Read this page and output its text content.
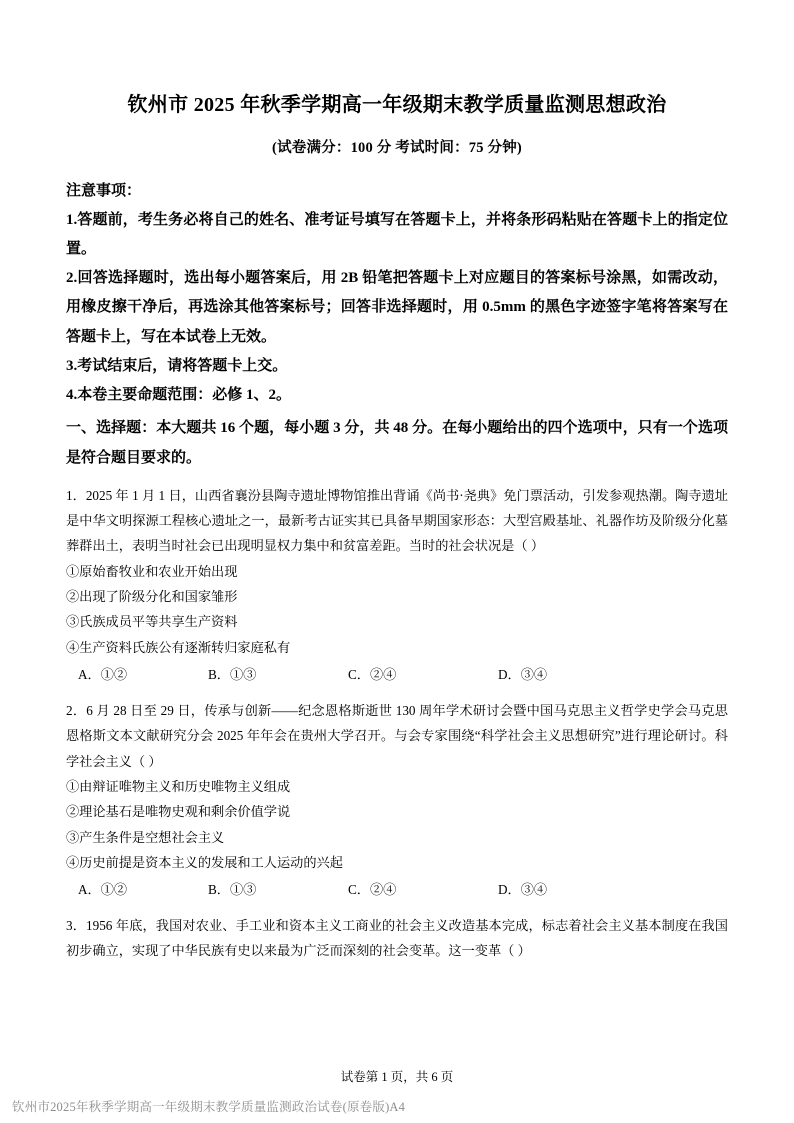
钦州市 2025 年秋季学期高一年级期末教学质量监测思想政治
(试卷满分：100 分 考试时间：75 分钟)
注意事项：

1.答题前，考生务必将自己的姓名、准考证号填写在答题卡上，并将条形码粘贴在答题卡上的指定位置。

2.回答选择题时，选出每小题答案后，用 2B 铅笔把答题卡上对应题目的答案标号涂黑，如需改动，用橡皮擦干净后，再选涂其他答案标号；回答非选择题时，用 0.5mm 的黑色字迹签字笔将答案写在答题卡上，写在本试卷上无效。

3.考试结束后，请将答题卡上交。

4.本卷主要命题范围：必修 1、2。

一、选择题：本大题共 16 个题，每小题 3 分，共 48 分。在每小题给出的四个选项中，只有一个选项是符合题目要求的。

1．2025 年 1 月 1 日，山西省襄汾县陶寺遗址博物馆推出背诵《尚书·尧典》免门票活动，引发参观热潮。陶寺遗址是中华文明探源工程核心遗址之一，最新考古证实其已具备早期国家形态：大型宫殿基址、礼器作坊及阶级分化墓葬群出土，表明当时社会已出现明显权力集中和贫富差距。当时的社会状况是（ ）

①原始畜牧业和农业开始出现

②出现了阶级分化和国家雏形

③氏族成员平等共享生产资料

④生产资料氏族公有逐渐转归家庭私有

A．①②	B．①③	C．②④	D．③④

2．6 月 28 日至 29 日，传承与创新——纪念恩格斯逝世 130 周年学术研讨会暨中国马克思主义哲学史学会马克思恩格斯文本文献研究分会 2025 年年会在贵州大学召开。与会专家围绕“科学社会主义思想研究”进行理论研讨。科学社会主义（ ）

①由辩证唯物主义和历史唯物主义组成

②理论基石是唯物史观和剩余价值学说

③产生条件是空想社会主义

④历史前提是资本主义的发展和工人运动的兴起

A．①②	B．①③	C．②④	D．③④

3．1956 年底，我国对农业、手工业和资本主义工商业的社会主义改造基本完成，标志着社会主义基本制度在我国初步确立，实现了中华民族有史以来最为广泛而深刻的社会变革。这一变革（ ）

试卷第 1 页，共 6 页
钦州市2025年秋季学期高一年级期末教学质量监测政治试卷(原卷版)A4
